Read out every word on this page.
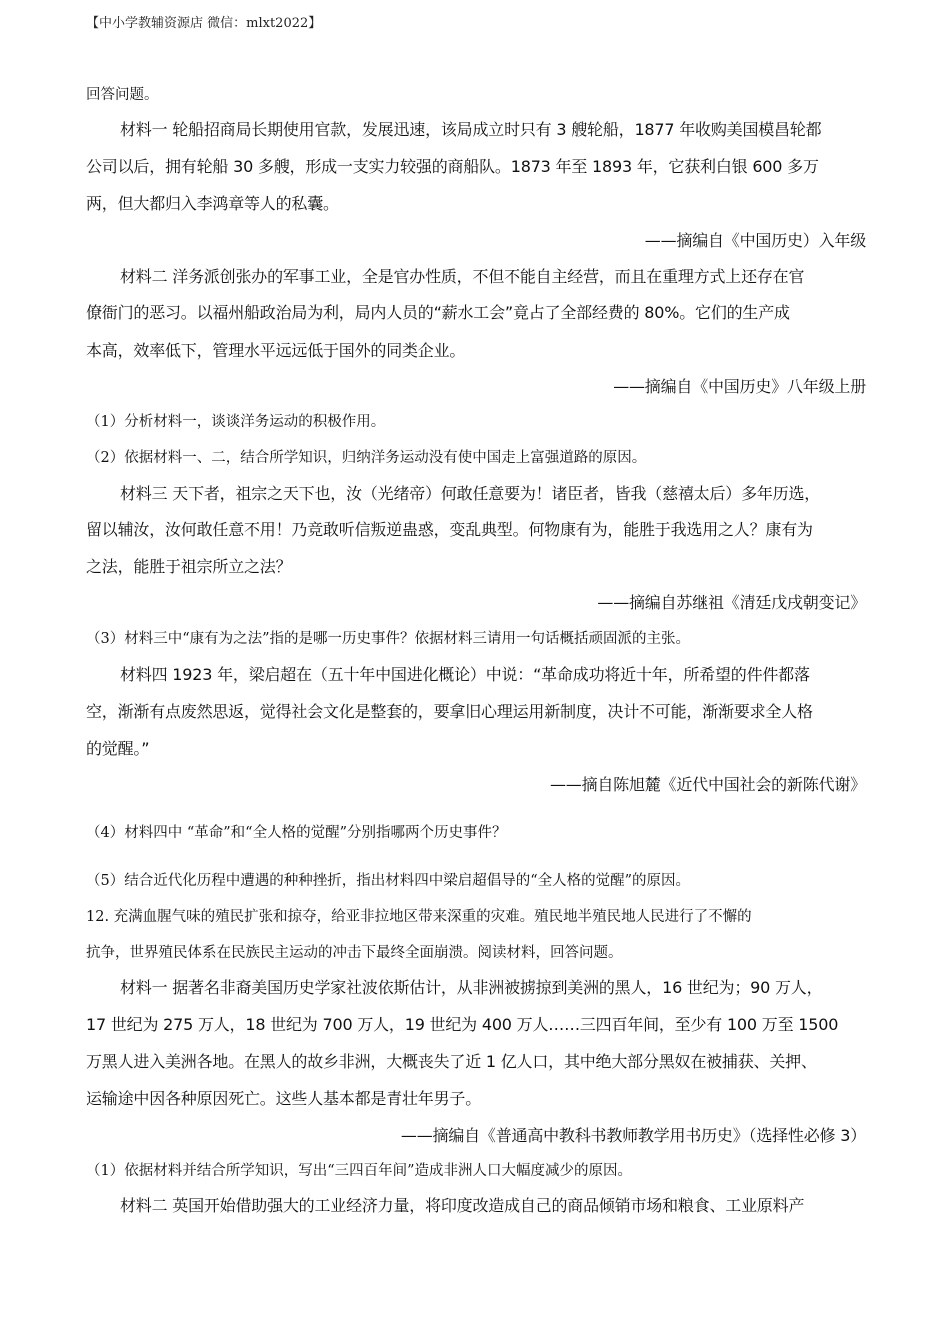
【中小学教辅资源店 微信：mlxt2022】
回答问题。
材料一 轮船招商局长期使用官款，发展迅速，该局成立时只有 3 艘轮船，1877 年收购美国模昌轮都
公司以后，拥有轮船 30 多艘，形成一支实力较强的商船队。1873 年至 1893 年，它获利白银 600 多万
两，但大都归入李鸿章等人的私囊。
——摘编自《中国历史）入年级
材料二 洋务派创张办的军事工业，全是官办性质，不但不能自主经营，而且在重理方式上还存在官
僚衙门的恶习。以福州船政治局为利，局内人员的“薪水工会”竟占了全部经费的 80%。它们的生产成
本高，效率低下，管理水平远远低于国外的同类企业。
——摘编自《中国历史》八年级上册
（1）分析材料一，谈谈洋务运动的积极作用。
（2）依据材料一、二，结合所学知识，归纳洋务运动没有使中国走上富强道路的原因。
材料三 天下者，祖宗之天下也，汝（光绪帝）何敢任意要为！诸臣者，皆我（慈禧太后）多年历选，
留以辅汝，汝何敢任意不用！乃竞敢听信叛逆蛊惑，变乱典型。何物康有为，能胜于我选用之人？康有为
之法，能胜于祖宗所立之法？
——摘编自苏继祖《清廷戊戌朝变记》
（3）材料三中“康有为之法”指的是哪一历史事件？依据材料三请用一句话概括顽固派的主张。
材料四 1923 年，梁启超在（五十年中国进化概论）中说：“革命成功将近十年，所希望的件件都落
空，渐渐有点废然思返，觉得社会文化是整套的，要拿旧心理运用新制度，决计不可能，渐渐要求全人格
的觉醒。”
——摘自陈旭麓《近代中国社会的新陈代谢》
（4）材料四中 “革命”和“全人格的觉醒”分别指哪两个历史事件？
（5）结合近代化历程中遭遇的种种挫折，指出材料四中梁启超倡导的“全人格的觉醒”的原因。
12. 充满血腥气味的殖民扩张和掠夺，给亚非拉地区带来深重的灾难。殖民地半殖民地人民进行了不懈的
抗争，世界殖民体系在民族民主运动的冲击下最终全面崩溃。阅读材料，回答问题。
材料一 据著名非裔美国历史学家社波依斯估计，从非洲被掳掠到美洲的黑人，16 世纪为；90 万人，
17 世纪为 275 万人，18 世纪为 700 万人，19 世纪为 400 万人……三四百年间，至少有 100 万至 1500
万黑人进入美洲各地。在黑人的故乡非洲，大概丧失了近 1 亿人口，其中绝大部分黑奴在被捕获、关押、
运输途中因各种原因死亡。这些人基本都是青壮年男子。
——摘编自《普通高中教科书教师教学用书历史》（选择性必修 3）
（1）依据材料并结合所学知识，写出“三四百年间”造成非洲人口大幅度减少的原因。
材料二 英国开始借助强大的工业经济力量，将印度改造成自己的商品倾销市场和粮食、工业原料产
